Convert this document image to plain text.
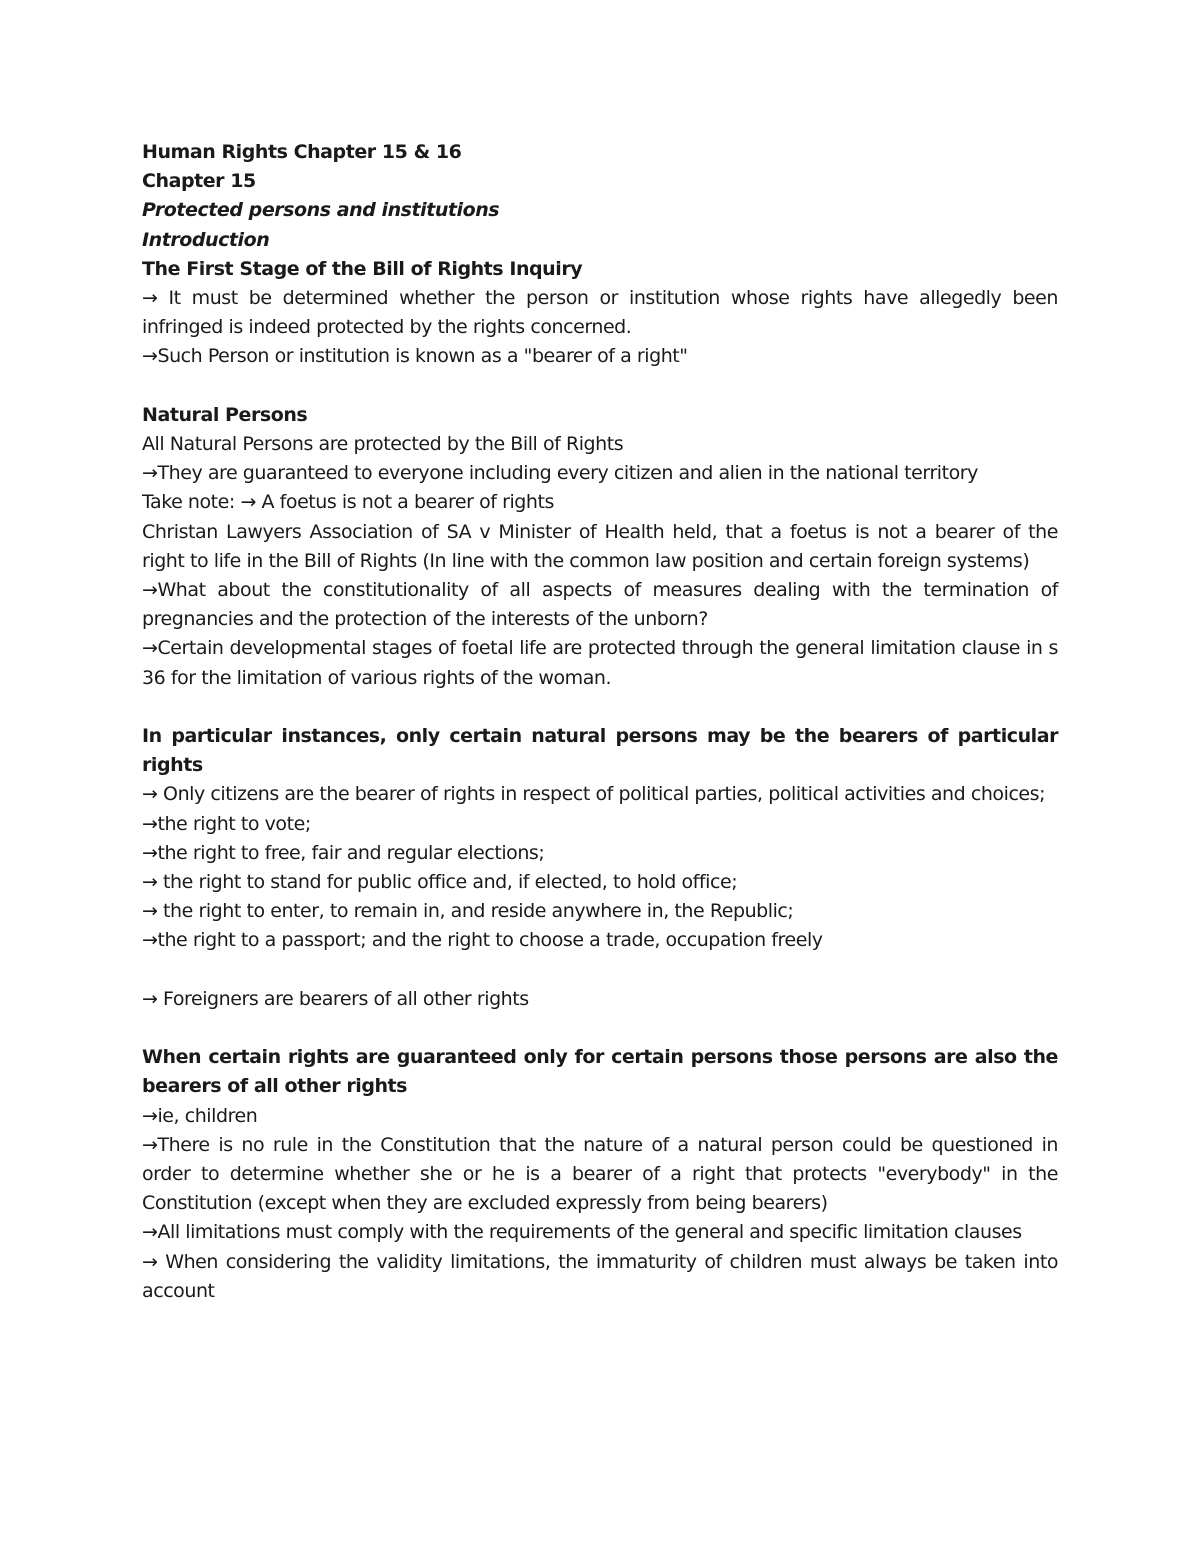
Human Rights Chapter 15 & 16
Chapter 15
Protected persons and institutions
Introduction
The First Stage of the Bill of Rights Inquiry
→ It must be determined whether the person or institution whose rights have allegedly been infringed is indeed protected by the rights concerned.
→Such Person or institution is known as a "bearer of a right"
Natural Persons
All Natural Persons are protected by the Bill of Rights
→They are guaranteed to everyone including every citizen and alien in the national territory
Take note: → A foetus is not a bearer of rights
Christan Lawyers Association of SA v Minister of Health held, that a foetus is not a bearer of the right to life in the Bill of Rights (In line with the common law position and certain foreign systems)
→What about the constitutionality of all aspects of measures dealing with the termination of pregnancies and the protection of the interests of the unborn?
→Certain developmental stages of foetal life are protected through the general limitation clause in s 36 for the limitation of various rights of the woman.
In particular instances, only certain natural persons may be the bearers of particular rights
→ Only citizens are the bearer of rights in respect of political parties, political activities and choices;
→the right to vote;
→the right to free, fair and regular elections;
→ the right to stand for public office and, if elected, to hold office;
→ the right to enter, to remain in, and reside anywhere in, the Republic;
→the right to a passport; and the right to choose a trade, occupation freely
→ Foreigners are bearers of all other rights
When certain rights are guaranteed only for certain persons those persons are also the bearers of all other rights
→ie, children
→There is no rule in the Constitution that the nature of a natural person could be questioned in order to determine whether she or he is a bearer of a right that protects "everybody" in the Constitution (except when they are excluded expressly from being bearers)
→All limitations must comply with the requirements of the general and specific limitation clauses
→ When considering the validity limitations, the immaturity of children must always be taken into account
